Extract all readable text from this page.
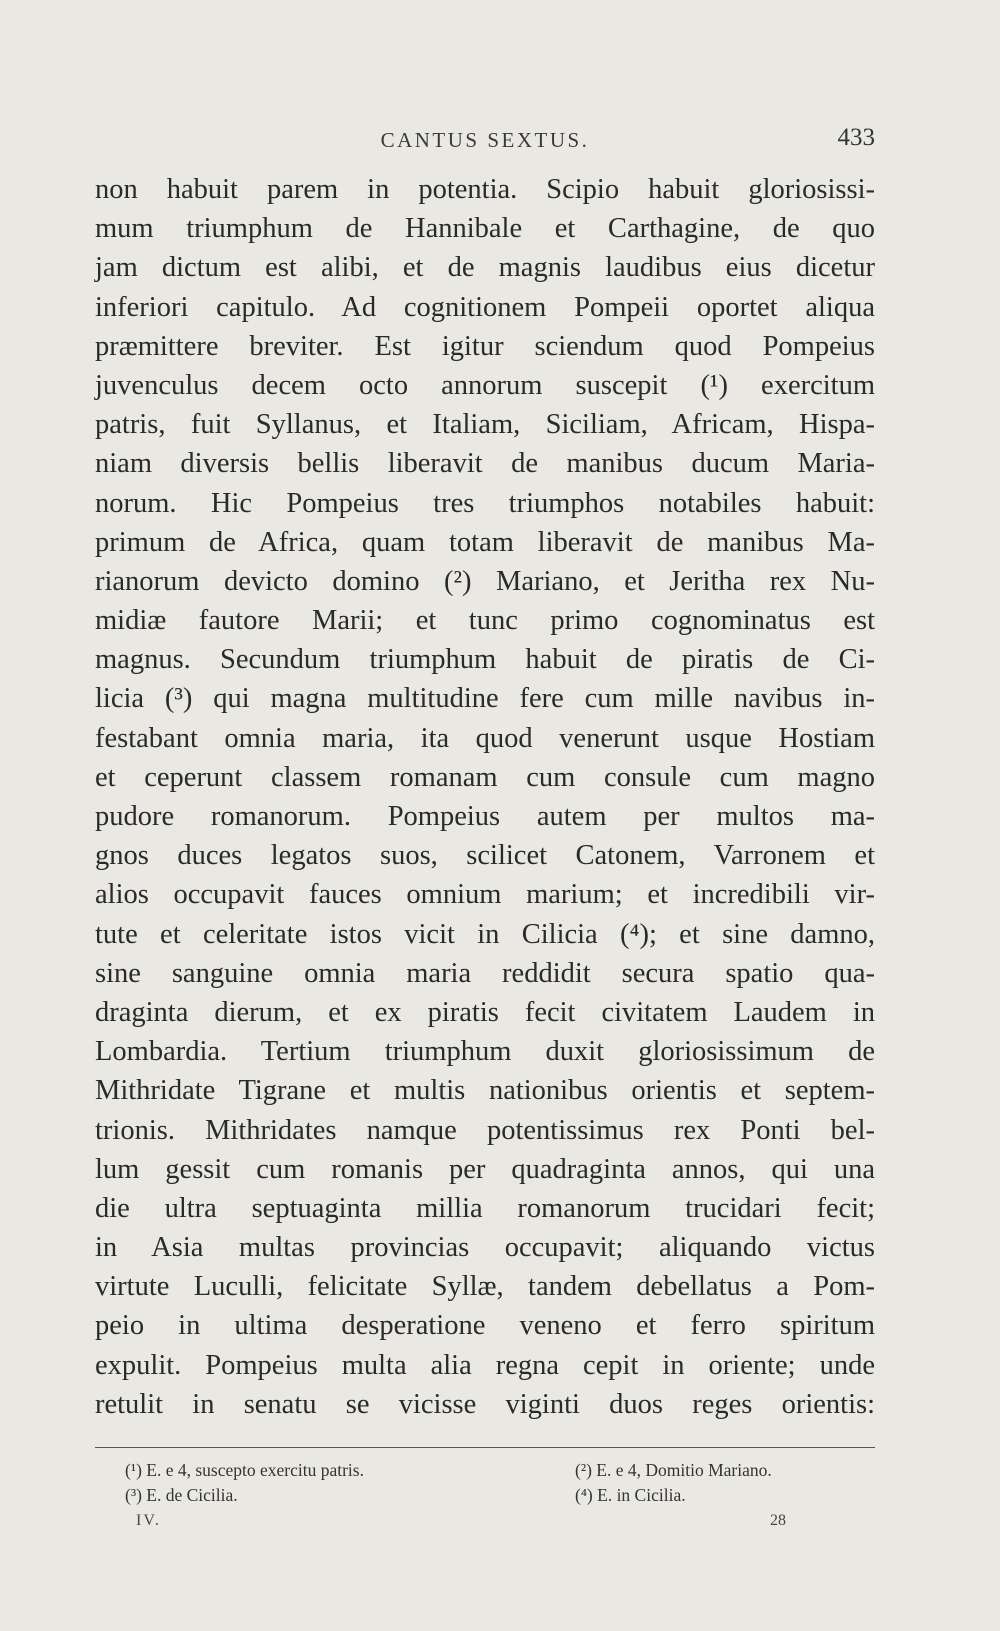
CANTUS SEXTUS.	433
non habuit parem in potentia. Scipio habuit gloriosissi-
mum triumphum de Hannibale et Carthagine, de quo
jam dictum est alibi, et de magnis laudibus eius dicetur
inferiori capitulo. Ad cognitionem Pompeii oportet aliqua
præmittere breviter. Est igitur sciendum quod Pompeius
juvenculus decem octo annorum suscepit (¹) exercitum
patris, fuit Syllanus, et Italiam, Siciliam, Africam, Hispa-
niam diversis bellis liberavit de manibus ducum Maria-
norum. Hic Pompeius tres triumphos notabiles habuit:
primum de Africa, quam totam liberavit de manibus Ma-
rianorum devicto domino (²) Mariano, et Jeritha rex Nu-
midiæ fautore Marii; et tunc primo cognominatus est
magnus. Secundum triumphum habuit de piratis de Ci-
licia (³) qui magna multitudine fere cum mille navibus in-
festabant omnia maria, ita quod venerunt usque Hostiam
et ceperunt classem romanam cum consule cum magno
pudore romanorum. Pompeius autem per multos ma-
gnos duces legatos suos, scilicet Catonem, Varronem et
alios occupavit fauces omnium marium; et incredibili vir-
tute et celeritate istos vicit in Cilicia (⁴); et sine damno,
sine sanguine omnia maria reddidit secura spatio qua-
draginta dierum, et ex piratis fecit civitatem Laudem in
Lombardia. Tertium triumphum duxit gloriosissimum de
Mithridate Tigrane et multis nationibus orientis et septem-
trionis. Mithridates namque potentissimus rex Ponti bel-
lum gessit cum romanis per quadraginta annos, qui una
die ultra septuaginta millia romanorum trucidari fecit;
in Asia multas provincias occupavit; aliquando victus
virtute Luculli, felicitate Syllæ, tandem debellatus a Pom-
peio in ultima desperatione veneno et ferro spiritum
expulit. Pompeius multa alia regna cepit in oriente; unde
retulit in senatu se vicisse viginti duos reges orientis:
(¹) E. e 4, suscepto exercitu patris.	(²) E. e 4, Domitio Mariano.
(³) E. de Cicilia.	(⁴) E. in Cicilia.
IV.	28
